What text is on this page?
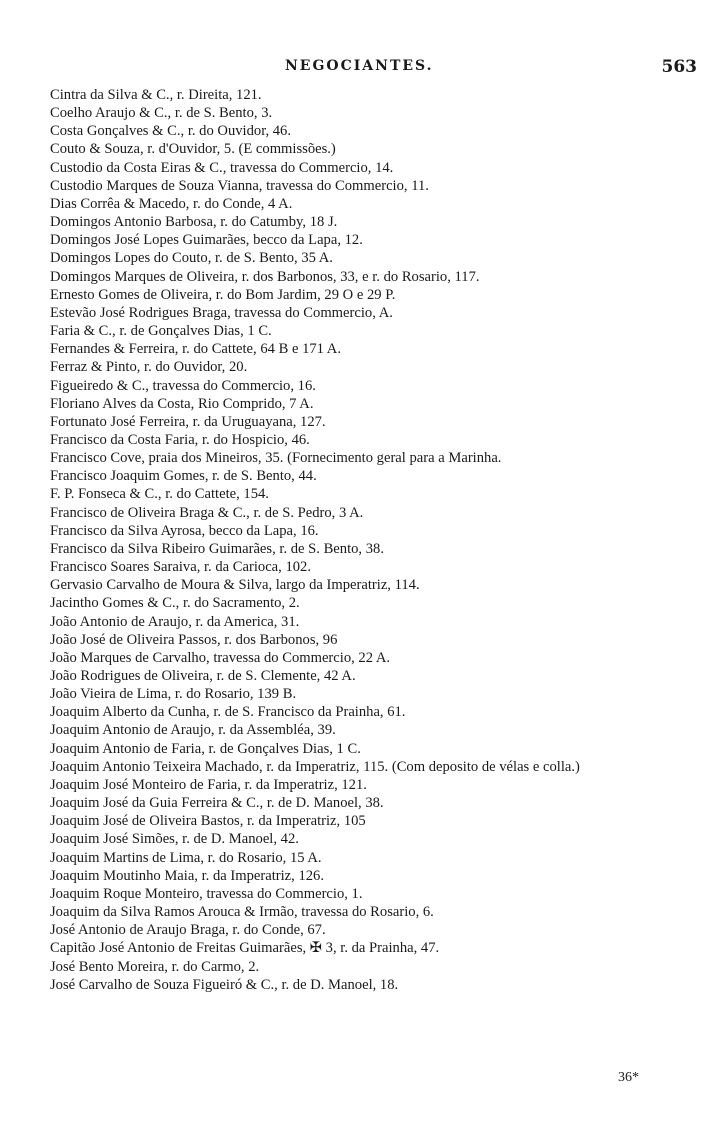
NEGOCIANTES.	563
Cintra da Silva & C., r. Direita, 121.
Coelho Araujo & C., r. de S. Bento, 3.
Costa Gonçalves & C., r. do Ouvidor, 46.
Couto & Souza, r. d'Ouvidor, 5. (E commissões.)
Custodio da Costa Eiras & C., travessa do Commercio, 14.
Custodio Marques de Souza Vianna, travessa do Commercio, 11.
Dias Corrêa & Macedo, r. do Conde, 4 A.
Domingos Antonio Barbosa, r. do Catumby, 18 J.
Domingos José Lopes Guimarães, becco da Lapa, 12.
Domingos Lopes do Couto, r. de S. Bento, 35 A.
Domingos Marques de Oliveira, r. dos Barbonos, 33, e r. do Rosario, 117.
Ernesto Gomes de Oliveira, r. do Bom Jardim, 29 O e 29 P.
Estevão José Rodrigues Braga, travessa do Commercio, A.
Faria & C., r. de Gonçalves Dias, 1 C.
Fernandes & Ferreira, r. do Cattete, 64 B e 171 A.
Ferraz & Pinto, r. do Ouvidor, 20.
Figueiredo & C., travessa do Commercio, 16.
Floriano Alves da Costa, Rio Comprido, 7 A.
Fortunato José Ferreira, r. da Uruguayana, 127.
Francisco da Costa Faria, r. do Hospicio, 46.
Francisco Cove, praia dos Mineiros, 35. (Fornecimento geral para a Marinha.
Francisco Joaquim Gomes, r. de S. Bento, 44.
F. P. Fonseca & C., r. do Cattete, 154.
Francisco de Oliveira Braga & C., r. de S. Pedro, 3 A.
Francisco da Silva Ayrosa, becco da Lapa, 16.
Francisco da Silva Ribeiro Guimarães, r. de S. Bento, 38.
Francisco Soares Saraiva, r. da Carioca, 102.
Gervasio Carvalho de Moura & Silva, largo da Imperatriz, 114.
Jacintho Gomes & C., r. do Sacramento, 2.
João Antonio de Araujo, r. da America, 31.
João José de Oliveira Passos, r. dos Barbonos, 96
João Marques de Carvalho, travessa do Commercio, 22 A.
João Rodrigues de Oliveira, r. de S. Clemente, 42 A.
João Vieira de Lima, r. do Rosario, 139 B.
Joaquim Alberto da Cunha, r. de S. Francisco da Prainha, 61.
Joaquim Antonio de Araujo, r. da Assembléa, 39.
Joaquim Antonio de Faria, r. de Gonçalves Dias, 1 C.
Joaquim Antonio Teixeira Machado, r. da Imperatriz, 115. (Com deposito de vélas e colla.)
Joaquim José Monteiro de Faria, r. da Imperatriz, 121.
Joaquim José da Guia Ferreira & C., r. de D. Manoel, 38.
Joaquim José de Oliveira Bastos, r. da Imperatriz, 105
Joaquim José Simões, r. de D. Manoel, 42.
Joaquim Martins de Lima, r. do Rosario, 15 A.
Joaquim Moutinho Maia, r. da Imperatriz, 126.
Joaquim Roque Monteiro, travessa do Commercio, 1.
Joaquim da Silva Ramos Arouca & Irmão, travessa do Rosario, 6.
José Antonio de Araujo Braga, r. do Conde, 67.
Capitão José Antonio de Freitas Guimarães, ✠ 3, r. da Prainha, 47.
José Bento Moreira, r. do Carmo, 2.
José Carvalho de Souza Figueiró & C., r. de D. Manoel, 18.
36*
